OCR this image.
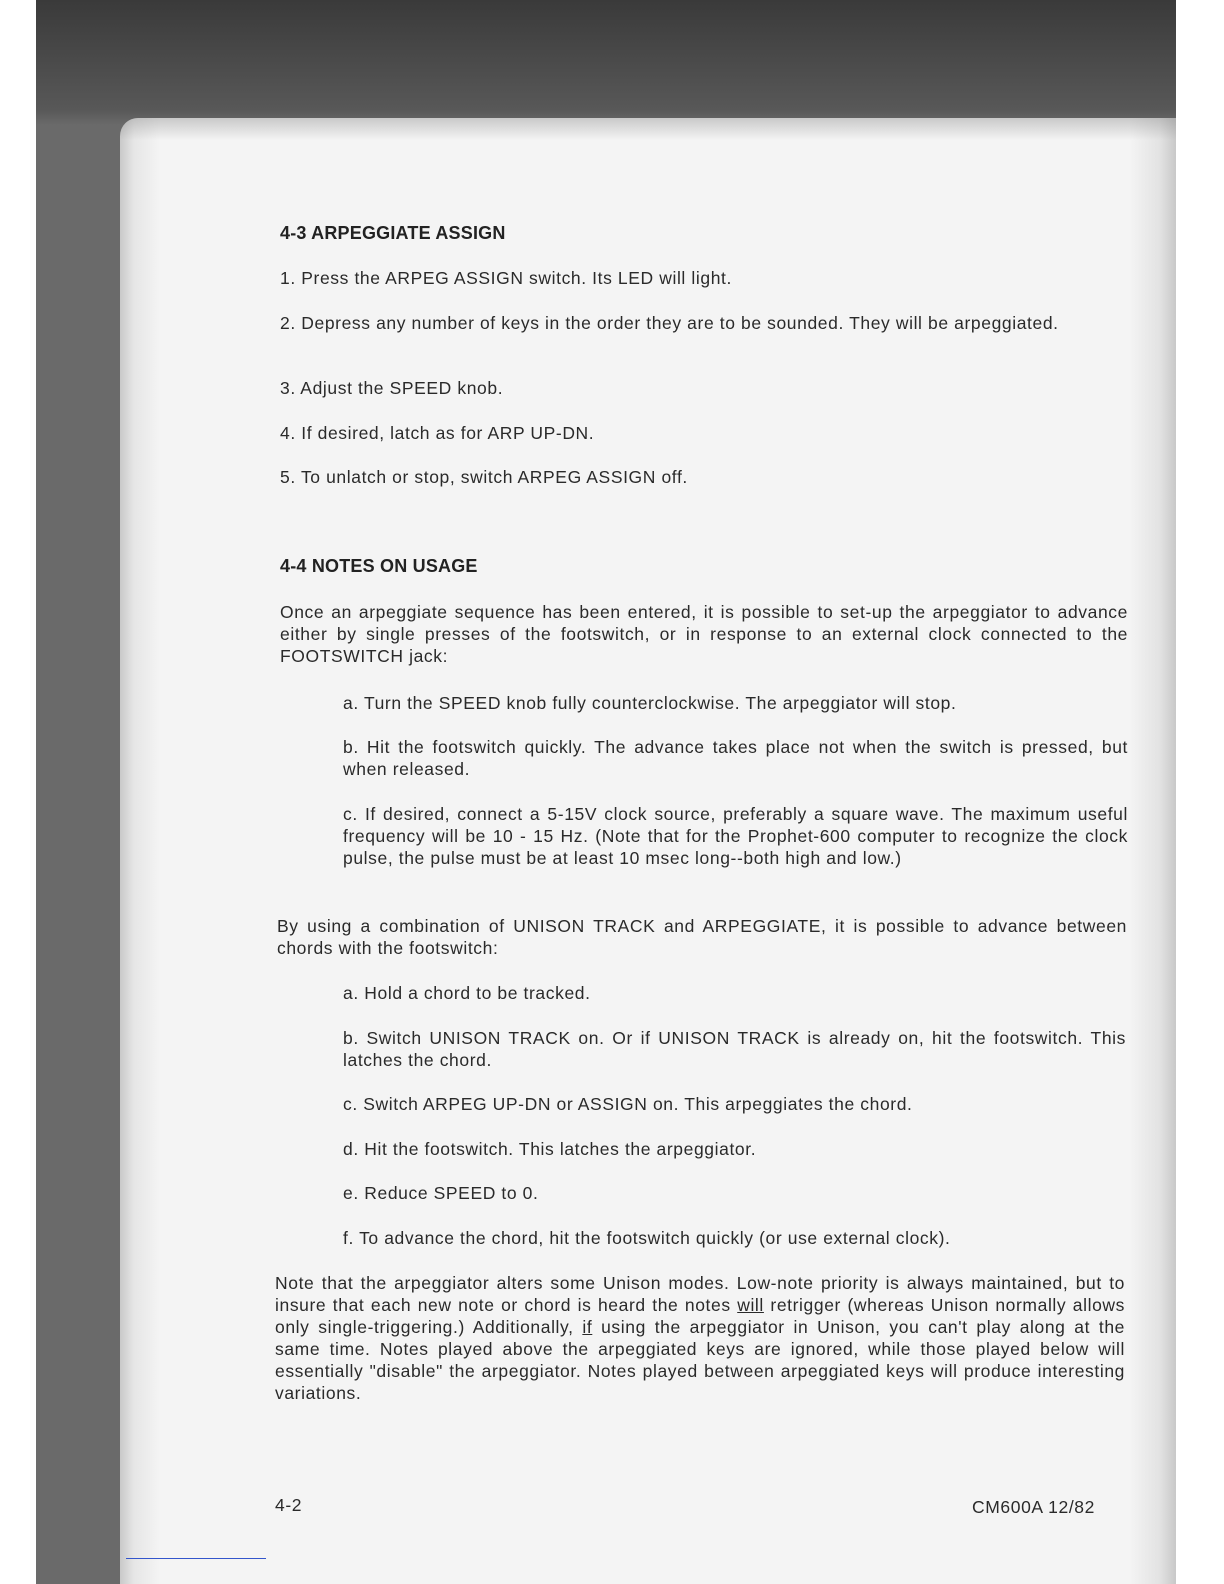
4-3 ARPEGGIATE ASSIGN
1. Press the ARPEG ASSIGN switch. Its LED will light.
2. Depress any number of keys in the order they are to be sounded. They will be arpeggiated.
3. Adjust the SPEED knob.
4. If desired, latch as for ARP UP-DN.
5. To unlatch or stop, switch ARPEG ASSIGN off.
4-4 NOTES ON USAGE
Once an arpeggiate sequence has been entered, it is possible to set-up the arpeggiator to advance either by single presses of the footswitch, or in response to an external clock connected to the FOOTSWITCH jack:
a. Turn the SPEED knob fully counterclockwise. The arpeggiator will stop.
b. Hit the footswitch quickly. The advance takes place not when the switch is pressed, but when released.
c. If desired, connect a 5-15V clock source, preferably a square wave. The maximum useful frequency will be 10 - 15 Hz. (Note that for the Prophet-600 computer to recognize the clock pulse, the pulse must be at least 10 msec long--both high and low.)
By using a combination of UNISON TRACK and ARPEGGIATE, it is possible to advance between chords with the footswitch:
a. Hold a chord to be tracked.
b. Switch UNISON TRACK on. Or if UNISON TRACK is already on, hit the footswitch. This latches the chord.
c. Switch ARPEG UP-DN or ASSIGN on. This arpeggiates the chord.
d. Hit the footswitch. This latches the arpeggiator.
e. Reduce SPEED to 0.
f. To advance the chord, hit the footswitch quickly (or use external clock).
Note that the arpeggiator alters some Unison modes. Low-note priority is always maintained, but to insure that each new note or chord is heard the notes will retrigger (whereas Unison normally allows only single-triggering.) Additionally, if using the arpeggiator in Unison, you can't play along at the same time. Notes played above the arpeggiated keys are ignored, while those played below will essentially "disable" the arpeggiator. Notes played between arpeggiated keys will produce interesting variations.
4-2	CM600A 12/82
